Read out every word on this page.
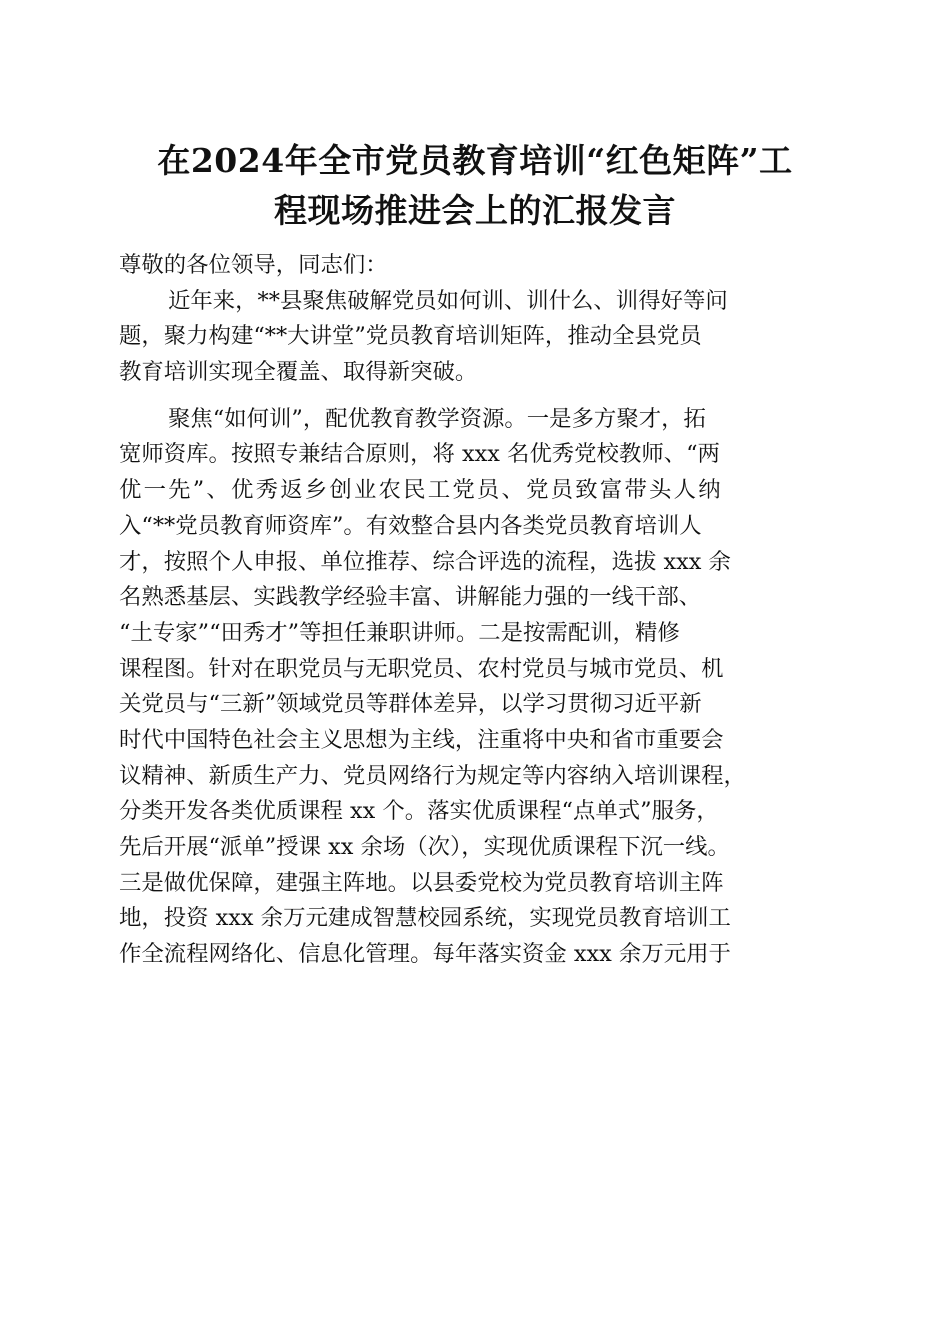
在2024年全市党员教育培训“红色矩阵”工
程现场推进会上的汇报发言
尊敬的各位领导，同志们：
近年来，**县聚焦破解党员如何训、训什么、训得好等问
题，聚力构建“**大讲堂”党员教育培训矩阵，推动全县党员
教育培训实现全覆盖、取得新突破。
聚焦“如何训”，配优教育教学资源。一是多方聚才，拓
宽师资库。按照专兼结合原则，将 xxx 名优秀党校教师、“两
优一先”、优秀返乡创业农民工党员、党员致富带头人纳
入“**党员教育师资库”。有效整合县内各类党员教育培训人
才，按照个人申报、单位推荐、综合评选的流程，选拔 xxx 余
名熟悉基层、实践教学经验丰富、讲解能力强的一线干部、
“土专家”“田秀才”等担任兼职讲师。二是按需配训，精修
课程图。针对在职党员与无职党员、农村党员与城市党员、机
关党员与“三新”领域党员等群体差异，以学习贯彻习近平新
时代中国特色社会主义思想为主线，注重将中央和省市重要会
议精神、新质生产力、党员网络行为规定等内容纳入培训课程，
分类开发各类优质课程 xx 个。落实优质课程“点单式”服务，
先后开展“派单”授课 xx 余场（次），实现优质课程下沉一线。
三是做优保障，建强主阵地。以县委党校为党员教育培训主阵
地，投资 xxx 余万元建成智慧校园系统，实现党员教育培训工
作全流程网络化、信息化管理。每年落实资金 xxx 余万元用于
